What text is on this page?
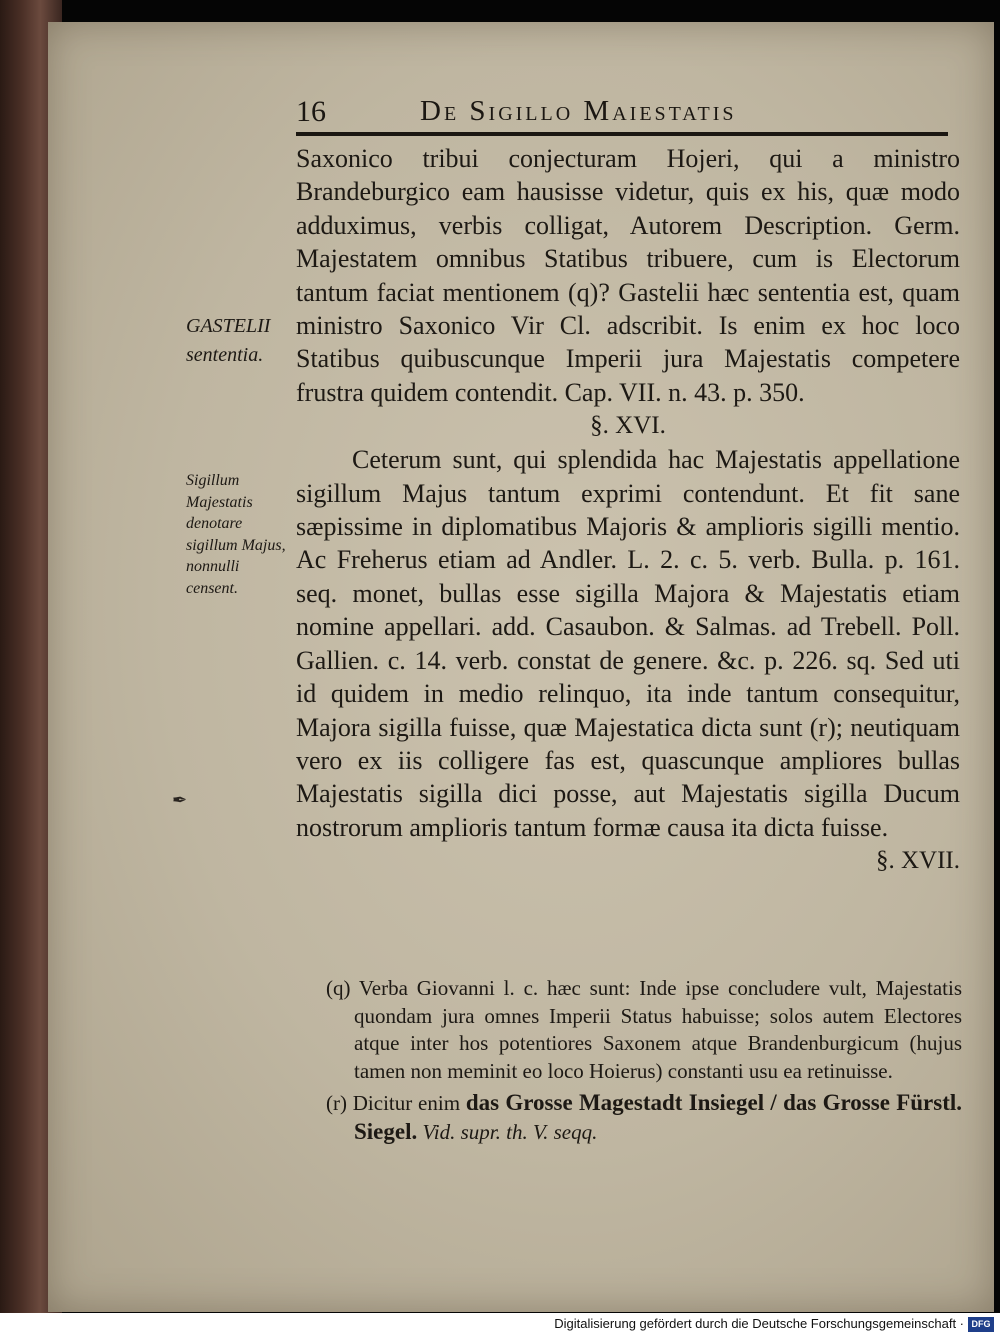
16	De Sigillo Maiestatis
GASTELII sententia.
Sigillum Majestatis denotare sigillum Majus, nonnulli censent.

Saxonico tribui conjecturam Hojeri, qui a ministro Brandeburgico eam hausisse videtur, quis ex his, quæ modo adduximus, verbis colligat, Autorem Description. Germ. Majestatem omnibus Statibus tribuere, cum is Electorum tantum faciat mentionem (q)? Gastelii hæc sententia est, quam ministro Saxonico Vir Cl. adscribit. Is enim ex hoc loco Statibus quibuscunque Imperii jura Majestatis competere frustra quidem contendit. Cap. VII. n. 43. p. 350.

§. XVI.

Ceterum sunt, qui splendida hac Majestatis appellatione sigillum Majus tantum exprimi contendunt. Et fit sane sæpissime in diplomatibus Majoris & amplioris sigilli mentio. Ac Freherus etiam ad Andler. L. 2. c. 5. verb. Bulla. p. 161. seq. monet, bullas esse sigilla Majora & Majestatis etiam nomine appellari. add. Casaubon. & Salmas. ad Trebell. Poll. Gallien. c. 14. verb. constat de genere. &c. p. 226. sq. Sed uti id quidem in medio relinquo, ita inde tantum consequitur, Majora sigilla fuisse, quæ Majestatica dicta sunt (r); neutiquam vero ex iis colligere fas est, quascunque ampliores bullas Majestatis sigilla dici posse, aut Majestatis sigilla Ducum nostrorum amplioris tantum formæ causa ita dicta fuisse.

§. XVII.

(q) Verba Giovanni l. c. hæc sunt: Inde ipse concludere vult, Majestatis quondam jura omnes Imperii Status habuisse; solos autem Electores atque inter hos potentiores Saxonem atque Brandenburgicum (hujus tamen non meminit eo loco Hoierus) constanti usu ea retinuisse.

(r) Dicitur enim das Grosse Magestadt Insiegel / das Grosse Fürstl. Siegel. Vid. supr. th. V. seqq.

✒
Digitalisierung gefördert durch die Deutsche Forschungsgemeinschaft · DFG
